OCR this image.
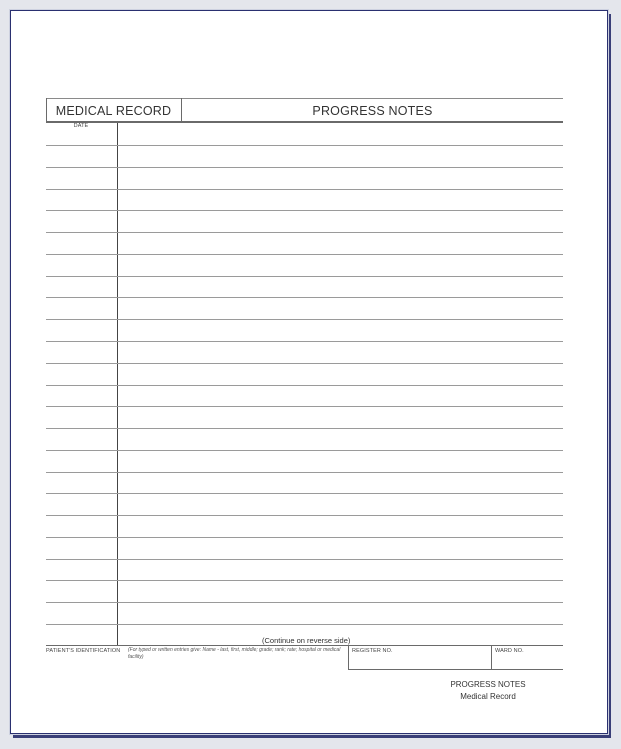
MEDICAL RECORD	PROGRESS NOTES
DATE
(Continue on reverse side)
PATIENT'S IDENTIFICATION (For typed or written entries give: Name - last, first, middle; grade; rank; rate; hospital or medical facility)
REGISTER NO.	WARD NO.
PROGRESS NOTES
Medical Record
